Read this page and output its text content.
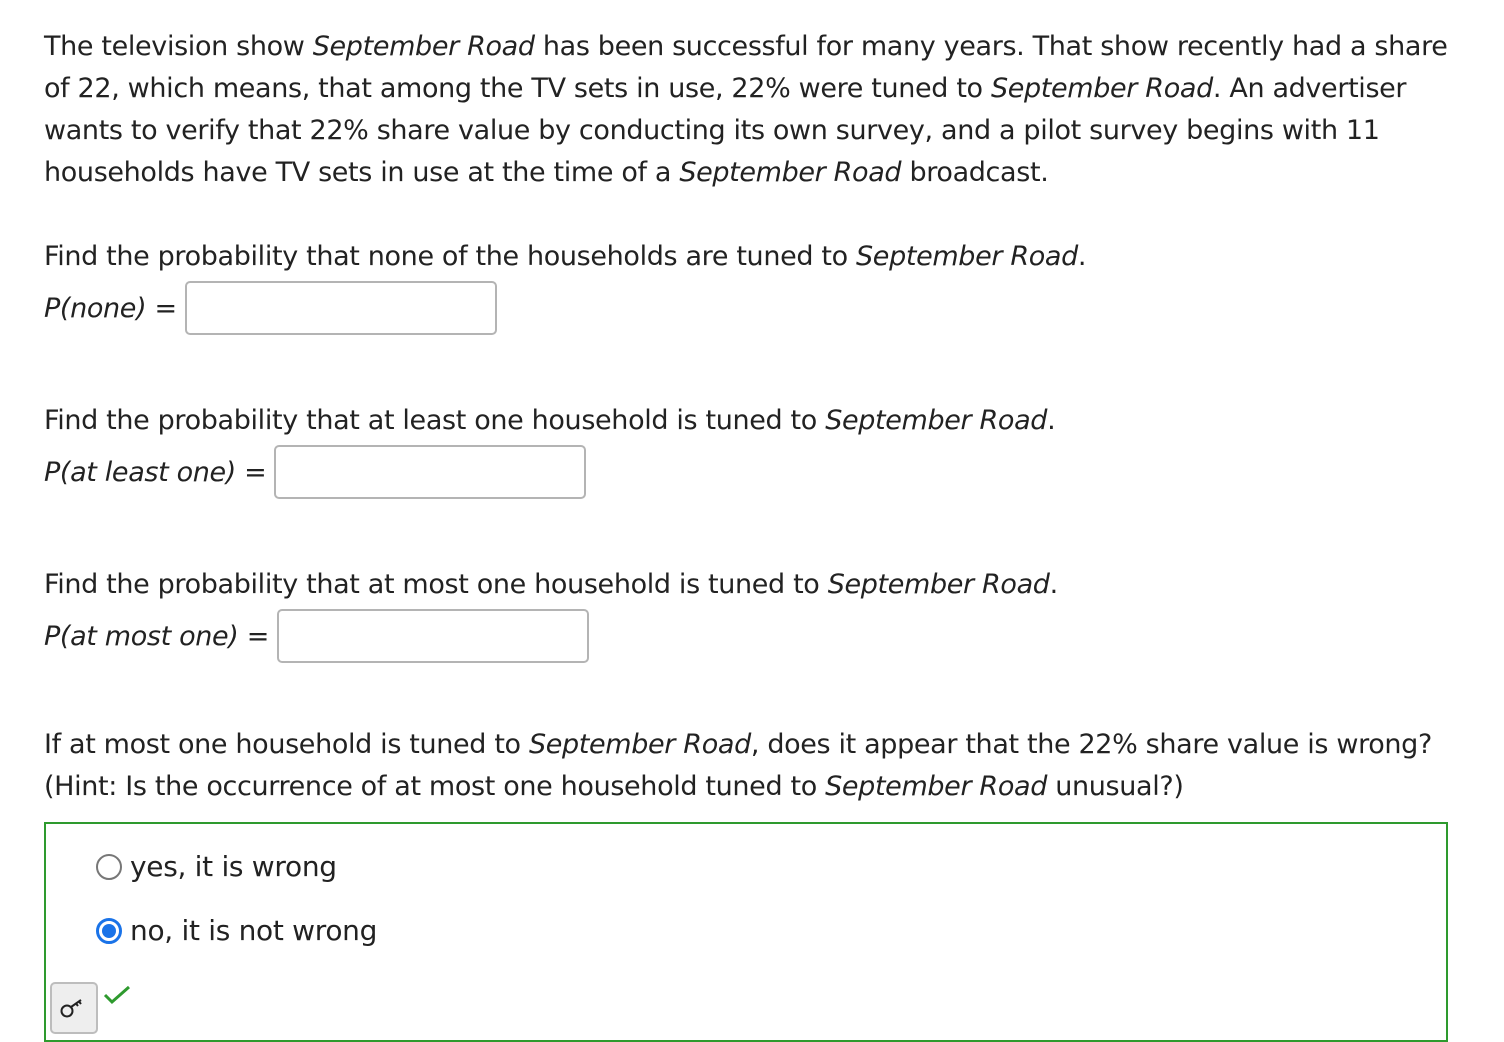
The television show September Road has been successful for many years. That show recently had a share of 22, which means, that among the TV sets in use, 22% were tuned to September Road. An advertiser wants to verify that 22% share value by conducting its own survey, and a pilot survey begins with 11 households have TV sets in use at the time of a September Road broadcast.

Find the probability that none of the households are tuned to September Road.

P(none) =

Find the probability that at least one household is tuned to September Road.

P(at least one) =

Find the probability that at most one household is tuned to September Road.

P(at most one) =

If at most one household is tuned to September Road, does it appear that the 22% share value is wrong? (Hint: Is the occurrence of at most one household tuned to September Road unusual?)

yes, it is wrong
no, it is not wrong
